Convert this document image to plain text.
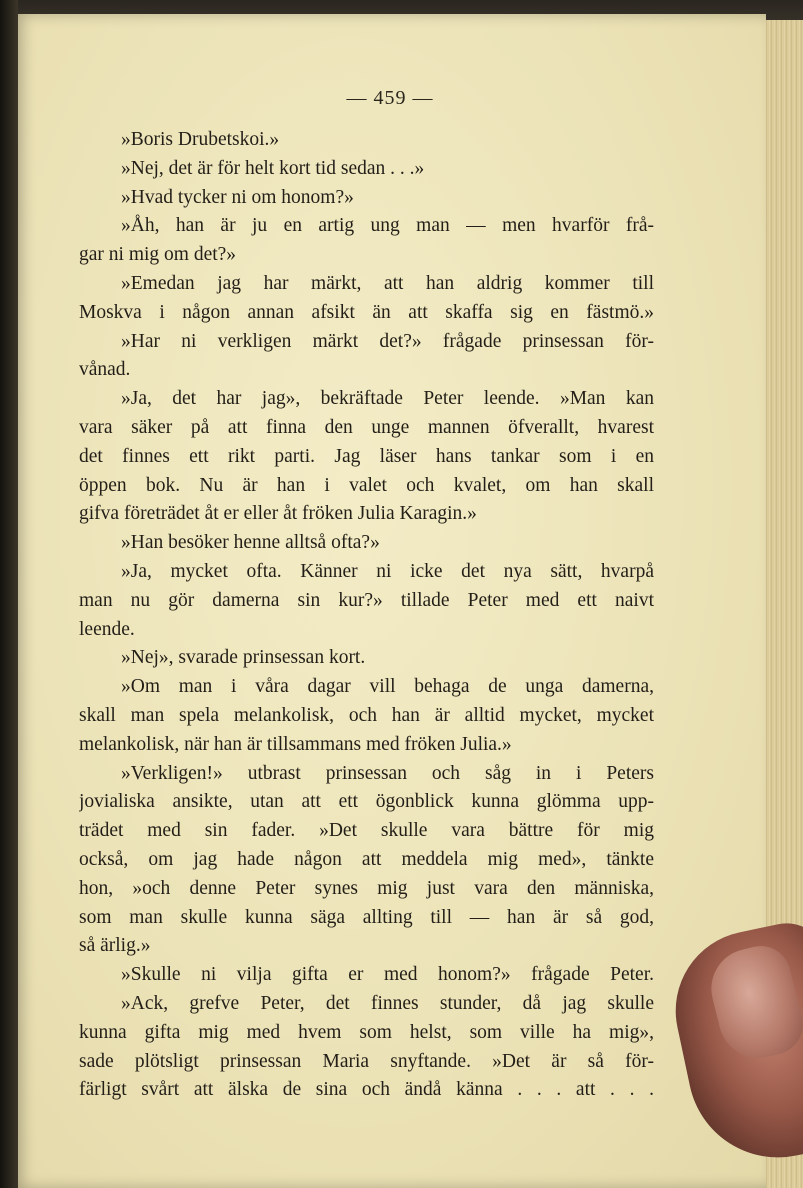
— 459 —
»Boris Drubetskoi.»
»Nej, det är för helt kort tid sedan . . .»
»Hvad tycker ni om honom?»
»Åh, han är ju en artig ung man — men hvarför frå-
gar ni mig om det?»
»Emedan jag har märkt, att han aldrig kommer till
Moskva i någon annan afsikt än att skaffa sig en fästmö.»
»Har ni verkligen märkt det?» frågade prinsessan för-
vånad.
»Ja, det har jag», bekräftade Peter leende. »Man kan
vara säker på att finna den unge mannen öfverallt, hvarest
det finnes ett rikt parti. Jag läser hans tankar som i en
öppen bok. Nu är han i valet och kvalet, om han skall
gifva företrädet åt er eller åt fröken Julia Karagin.»
»Han besöker henne alltså ofta?»
»Ja, mycket ofta. Känner ni icke det nya sätt, hvarpå
man nu gör damerna sin kur?» tillade Peter med ett naivt
leende.
»Nej», svarade prinsessan kort.
»Om man i våra dagar vill behaga de unga damerna,
skall man spela melankolisk, och han är alltid mycket, mycket
melankolisk, när han är tillsammans med fröken Julia.»
»Verkligen!» utbrast prinsessan och såg in i Peters
jovialiska ansikte, utan att ett ögonblick kunna glömma upp-
trädet med sin fader. »Det skulle vara bättre för mig
också, om jag hade någon att meddela mig med», tänkte
hon, »och denne Peter synes mig just vara den människa,
som man skulle kunna säga allting till — han är så god,
så ärlig.»
»Skulle ni vilja gifta er med honom?» frågade Peter.
»Ack, grefve Peter, det finnes stunder, då jag skulle
kunna gifta mig med hvem som helst, som ville ha mig»,
sade plötsligt prinsessan Maria snyftande. »Det är så för-
färligt svårt att älska de sina och ändå känna . . . att . . .
